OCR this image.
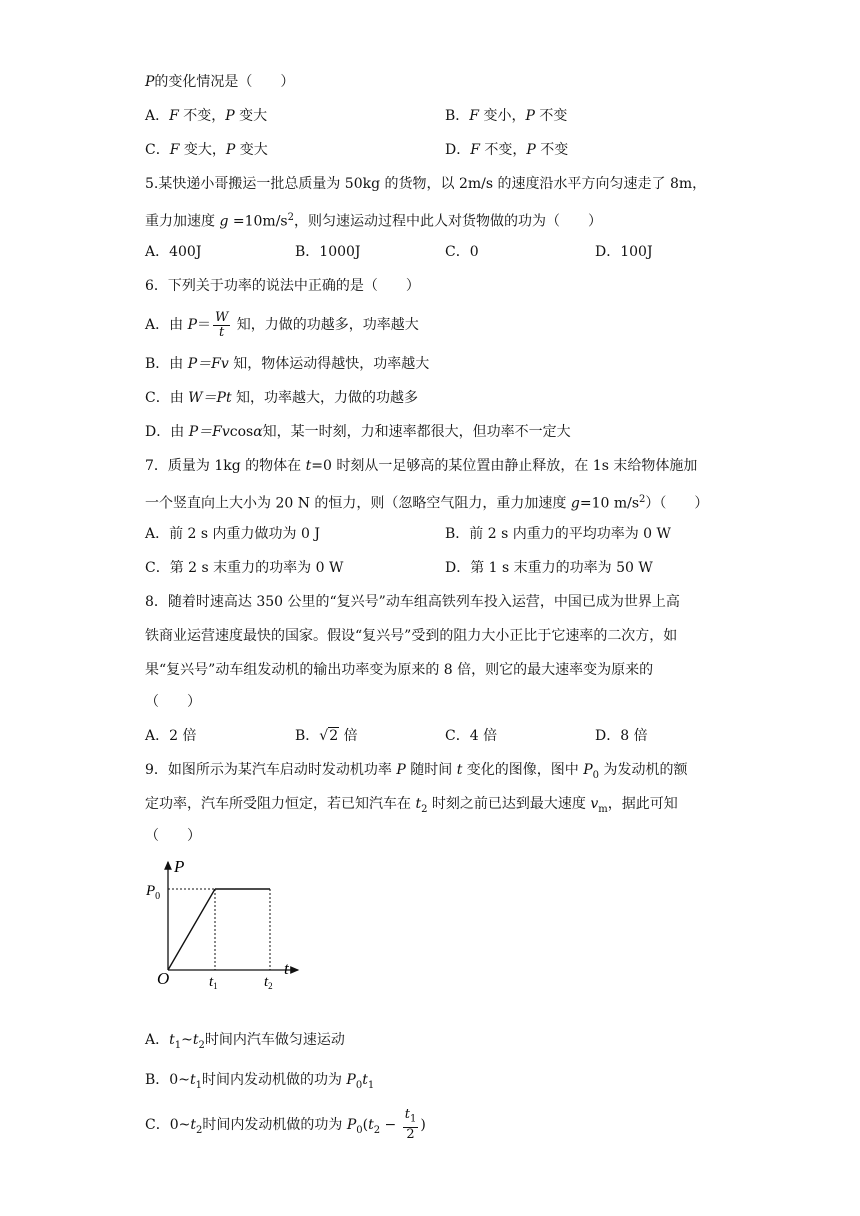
P的变化情况是（　　）
A．F 不变，P 变大	B．F 变小，P 不变
C．F 变大，P 变大	D．F 不变，P 不变
5.某快递小哥搬运一批总质量为 50kg 的货物，以 2m/s 的速度沿水平方向匀速走了 8m，
重力加速度 $g =10m/s^2$，则匀速运动过程中此人对货物做的功为（　　）
A．400J	B．1000J	C．0	D．100J
6．下列关于功率的说法中正确的是（　　）
A．由 $P= \frac{W}{t}$ 知，力做的功越多，功率越大
B．由 P＝Fv 知，物体运动得越快，功率越大
C．由 W＝Pt 知，功率越大，力做的功越多
D．由 P＝Fvcosα知，某一时刻，力和速率都很大，但功率不一定大
7．质量为 1kg 的物体在 t=0 时刻从一足够高的某位置由静止释放，在 1s 末给物体施加
一个竖直向上大小为 20 N 的恒力，则（忽略空气阻力，重力加速度 g=10 $m/s^2$）（　　）
A．前 2 s 内重力做功为 0 J	B．前 2 s 内重力的平均功率为 0 W
C．第 2 s 末重力的功率为 0 W	D．第 1 s 末重力的功率为 50 W
8．随着时速高达 350 公里的“复兴号”动车组高铁列车投入运营，中国已成为世界上高
铁商业运营速度最快的国家。假设“复兴号”受到的阻力大小正比于它速率的二次方，如
果“复兴号”动车组发动机的输出功率变为原来的 8 倍，则它的最大速率变为原来的
（　　）
A．2 倍	B．√2 倍	C．4 倍	D．8 倍
9．如图所示为某汽车启动时发动机功率 P 随时间 t 变化的图像，图中 $P_0$ 为发动机的额
定功率，汽车所受阻力恒定，若已知汽车在 $t_2$ 时刻之前已达到最大速度 $v_m$，据此可知
（　　）
P
t
O
$P_0$
$t_1$	$t_2$
A．$t_1\sim t_2$时间内汽车做匀速运动
B．$0\sim t_1$时间内发动机做的功为 $P_0t_1$
C．$0\sim t_2$时间内发动机做的功为 $P_0(t_2 - \frac{t_1}{2}$ )
